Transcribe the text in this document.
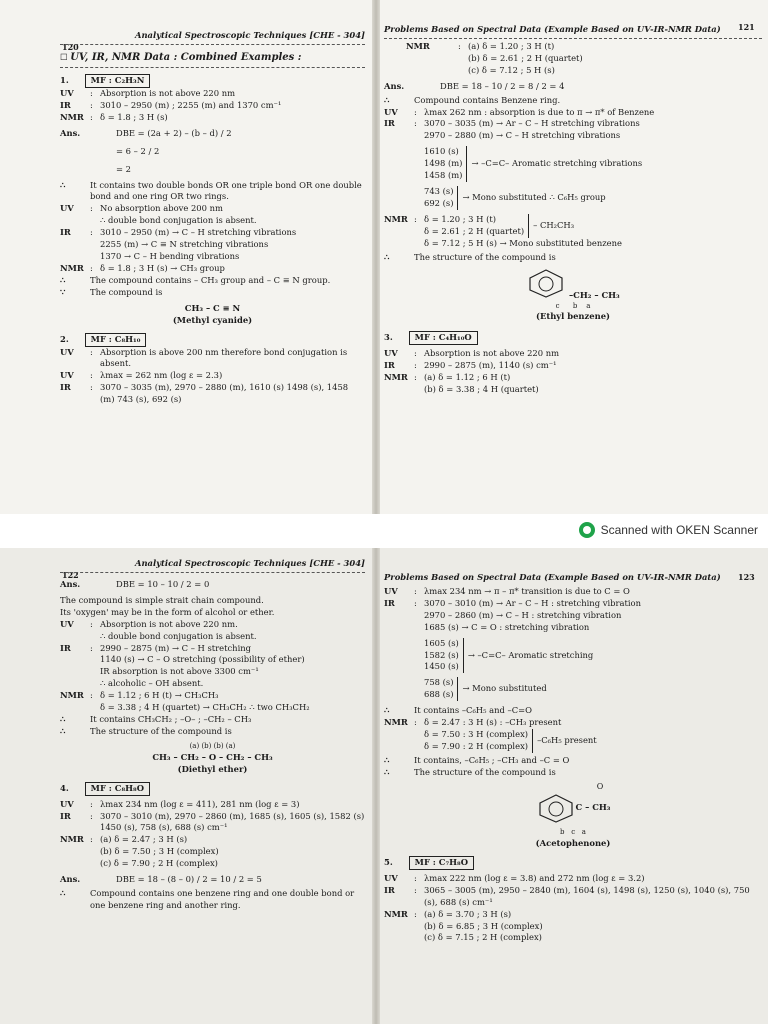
120
Analytical Spectroscopic Techniques [CHE - 304]
☐ UV, IR, NMR Data : Combined Examples :
1.	MF : C₂H₃N
UV	: Absorption is not above 220 nm
IR	: 3010 – 2950 (m) ; 2255 (m) and 1370 cm⁻¹
NMR : δ = 1.8 ; 3 H (s)
Ans.	DBE = (2a + 2) – (b – d) / 2
= 6 – 2 / 2
= 2
∴	It contains two double bonds OR one triple bond OR one double bond and one ring OR two rings.
UV	: No absorption above 200 nm
∴ double bond conjugation is absent.
IR	: 3010 – 2950 (m) → C – H stretching vibrations
2255 (m) → C ≡ N stretching vibrations
1370 → C – H bending vibrations
NMR : δ = 1.8 ; 3 H (s) → CH₃ group
∴	The compound contains – CH₃ group and – C ≡ N group.
∵	The compound is
CH₃ – C ≡ N
(Methyl cyanide)
2.	MF : C₈H₁₀
UV	: Absorption is above 200 nm therefore bond conjugation is absent.
UV	: λmax = 262 nm (log ε = 2.3)
IR	: 3070 – 3035 (m), 2970 – 2880 (m), 1610 (s) 1498 (s), 1458 (m) 743 (s), 692 (s)
121
Problems Based on Spectral Data (Example Based on UV-IR-NMR Data)
NMR	: (a) δ = 1.20 ; 3 H (t)
(b) δ = 2.61 ; 2 H (quartet)
(c) δ = 7.12 ; 5 H (s)
Ans.	DBE = 18 – 10 / 2 = 8 / 2 = 4
∴	Compound contains Benzene ring.
UV	: λmax 262 nm : absorption is due to π → π* of Benzene
IR	: 3070 – 3035 (m) → Ar – C – H stretching vibrations
2970 – 2880 (m) → C – H stretching vibrations
1610 (s)
1498 (m)
1458 (m)
→ –C=C– Aromatic stretching vibrations
743 (s)
692 (s)
→ Mono substituted ∴ C₆H₅ group
NMR : δ = 1.20 ; 3 H (t)
δ = 2.61 ; 2 H (quartet)
– CH₂CH₃
δ = 7.12 ; 5 H (s) → Mono substituted benzene
∴	The structure of the compound is
–CH₂ – CH₃
c b a
(Ethyl benzene)
3.	MF : C₄H₁₀O
UV	: Absorption is not above 220 nm
IR	: 2990 – 2875 (m), 1140 (s) cm⁻¹
NMR : (a) δ = 1.12 ; 6 H (t)
(b) δ = 3.38 ; 4 H (quartet)
Scanned with OKEN Scanner
122
Analytical Spectroscopic Techniques [CHE - 304]
Ans.	DBE = 10 – 10 / 2 = 0
The compound is simple strait chain compound.
Its 'oxygen' may be in the form of alcohol or ether.
UV	: Absorption is not above 220 nm.
∴ double bond conjugation is absent.
IR	: 2990 – 2875 (m) → C – H stretching
1140 (s) → C – O stretching (possibility of ether)
IR absorption is not above 3300 cm⁻¹
∴ alcoholic – OH absent.
NMR : δ = 1.12 ; 6 H (t) → CH₃CH₃
δ = 3.38 ; 4 H (quartet) → CH₃CH₂ ∴ two CH₃CH₂
∴	It contains CH₃CH₂ ; –O– ; –CH₂ – CH₃
∴	The structure of the compound is
(a) (b) (b) (a)
CH₃ – CH₂ – O – CH₂ – CH₃
(Diethyl ether)
4.	MF : C₈H₈O
UV	: λmax 234 nm (log ε = 411), 281 nm (log ε = 3)
IR	: 3070 – 3010 (m), 2970 – 2860 (m), 1685 (s), 1605 (s), 1582 (s) 1450 (s), 758 (s), 688 (s) cm⁻¹
NMR : (a) δ = 2.47 ; 3 H (s)
(b) δ = 7.50 ; 3 H (complex)
(c) δ = 7.90 ; 2 H (complex)
Ans.	DBE = 18 – (8 – 0) / 2 = 10 / 2 = 5
∴	Compound contains one benzene ring and one double bond or one benzene ring and another ring.
123
Problems Based on Spectral Data (Example Based on UV-IR-NMR Data)
UV	: λmax 234 nm → π – π* transition is due to C = O
IR	: 3070 – 3010 (m) → Ar – C – H : stretching vibration
2970 – 2860 (m) → C – H : stretching vibration
1685 (s) → C = O : stretching vibration
1605 (s)
1582 (s)
1450 (s)
→ –C=C– Aromatic stretching
758 (s)
688 (s)
→ Mono substituted
∴	It contains –C₆H₅ and –C=O
NMR : δ = 2.47 : 3 H (s) : –CH₃ present
δ = 7.50 : 3 H (complex)
δ = 7.90 : 2 H (complex)
–C₆H₅ present
∴	It contains, –C₆H₅ ; –CH₃ and –C = O
∴	The structure of the compound is
O
C – CH₃
b c a
(Acetophenone)
5.	MF : C₇H₈O
UV	: λmax 222 nm (log ε = 3.8) and 272 nm (log ε = 3.2)
IR	: 3065 – 3005 (m), 2950 – 2840 (m), 1604 (s), 1498 (s), 1250 (s), 1040 (s), 750 (s), 688 (s) cm⁻¹
NMR : (a) δ = 3.70 ; 3 H (s)
(b) δ = 6.85 ; 3 H (complex)
(c) δ = 7.15 ; 2 H (complex)
